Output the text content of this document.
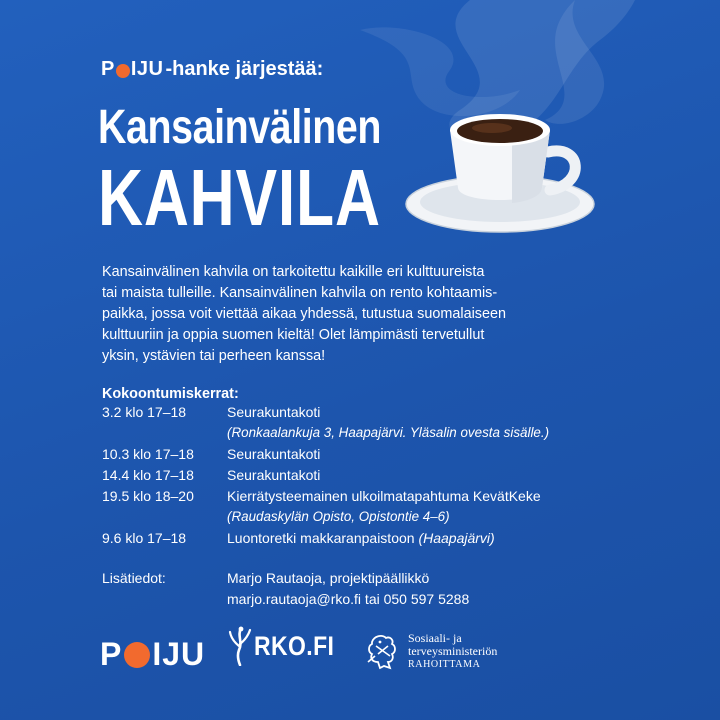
P IJU -hanke järjestää:
Kansainvälinen
KAHVILA
Kansainvälinen kahvila on tarkoitettu kaikille eri kulttuureista
tai maista tulleille. Kansainvälinen kahvila on rento kohtaamis-
paikka, jossa voit viettää aikaa yhdessä, tutustua suomalaiseen
kulttuuriin ja oppia suomen kieltä! Olet lämpimästi tervetullut
yksin, ystävien tai perheen kanssa!
Kokoontumiskerrat:
3.2 klo 17–18	Seurakuntakoti
(Ronkaalankuja 3, Haapajärvi. Yläsalin ovesta sisälle.)
10.3 klo 17–18 Seurakuntakoti
14.4 klo 17–18 Seurakuntakoti
19.5 klo 18–20 Kierrätysteemainen ulkoilmatapahtuma KevätKeke
(Raudaskylän Opisto, Opistontie 4–6)
9.6 klo 17–18	Luontoretki makkaranpaistoon (Haapajärvi)
Lisätiedot:	Marjo Rautaoja, projektipäällikkö
marjo.rautaoja@rko.fi tai 050 597 5288
P IJU RKO.FI	Sosiaali- ja
terveysministeriön
RAHOITTAMA
